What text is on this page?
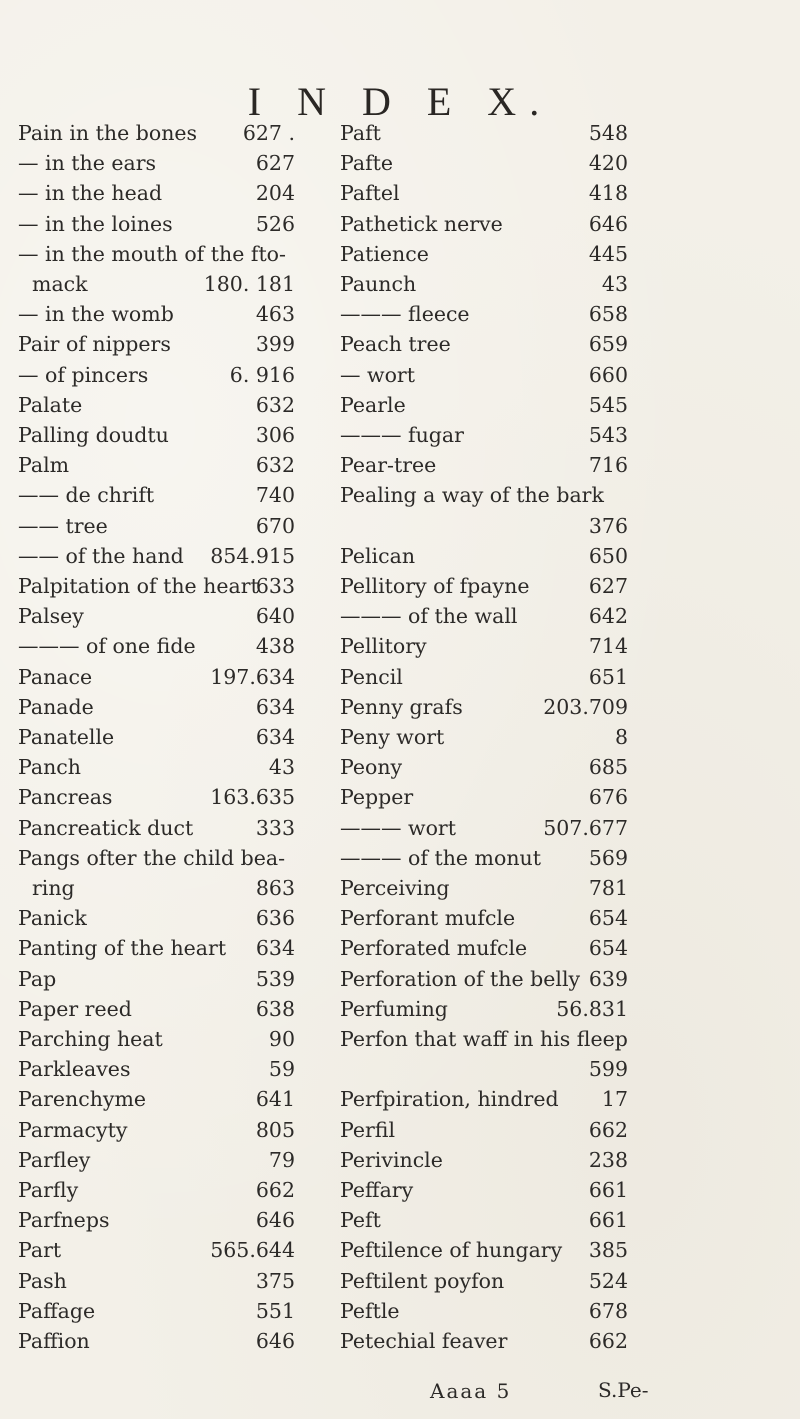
I N D E X.
Pain in the bones 627 .
— in the ears	627
— in the head	204
— in the loines	526
— in the mouth of the fto-
mack	180. 181
— in the womb	463
Pair of nippers	399
— of pincers	6. 916
Palate	632
Palling doudtu	306
Palm	632
—— de chrift	740
—— tree	670
—— of the hand 854.915
Palpitation of the heart
633
Palsey	640
——— of one fide	438
Panace	197.634
Panade	634
Panatelle	634
Panch	43
Pancreas	163.635
Pancreatick duct	333
Pangs ofter the child bea-
ring	863
Panick	636
Panting of the heart 634
Pap	539
Paper reed	638
Parching heat	90
Parkleaves	59
Parenchyme	641
Parmacyty	805
Parfley	79
Parfly	662
Parfneps	646
Part	565.644
Pash	375
Paffage	551
Paffion	646
Paft	548
Pafte	420
Paftel	418
Pathetick nerve	646
Patience	445
Paunch	43
——— fleece	658
Peach tree	659
— wort	660
Pearle	545
——— fugar	543
Pear-tree	716
Pealing a way of the bark
376
Pelican	650
Pellitory of fpayne	627
——— of the wall	642
Pellitory	714
Pencil	651
Penny grafs	203.709
Peny wort	8
Peony	685
Pepper	676
——— wort	507.677
——— of the monut 569
Perceiving	781
Perforant mufcle	654
Perforated mufcle	654
Perforation of the belly 639
Perfuming	56.831
Perfon that waff in his fleep
599
Perfpiration, hindred 17
Perfil	662
Perivincle	238
Peffary	661
Peft	661
Peftilence of hungary 385
Peftilent poyfon	524
Peftle	678
Petechial feaver	662
Aaaa 5	S.Pe-
